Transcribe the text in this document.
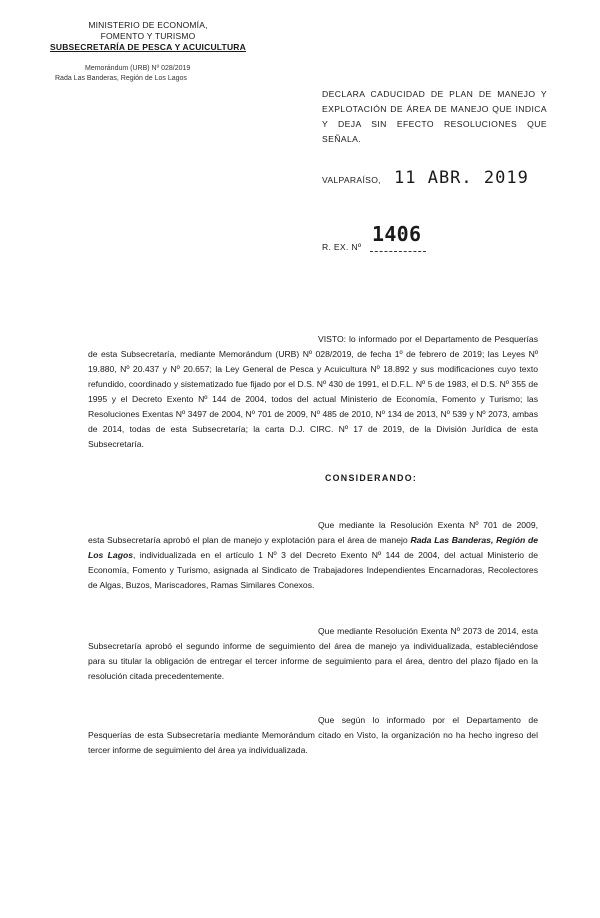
MINISTERIO DE ECONOMÍA,
FOMENTO Y TURISMO
SUBSECRETARÍA DE PESCA Y ACUICULTURA
Memorándum (URB) Nº 028/2019
Rada Las Banderas, Región de Los Lagos
DECLARA CADUCIDAD DE PLAN DE MANEJO Y EXPLOTACIÓN DE ÁREA DE MANEJO QUE INDICA Y DEJA SIN EFECTO RESOLUCIONES QUE SEÑALA.
VALPARAÍSO, 11 ABR. 2019
R. EX. Nº
1406
VISTO: lo informado por el Departamento de Pesquerías de esta Subsecretaría, mediante Memorándum (URB) Nº 028/2019, de fecha 1º de febrero de 2019; las Leyes Nº 19.880, Nº 20.437 y Nº 20.657; la Ley General de Pesca y Acuicultura Nº 18.892 y sus modificaciones cuyo texto refundido, coordinado y sistematizado fue fijado por el D.S. Nº 430 de 1991, el D.F.L. Nº 5 de 1983, el D.S. Nº 355 de 1995 y el Decreto Exento Nº 144 de 2004, todos del actual Ministerio de Economía, Fomento y Turismo; las Resoluciones Exentas Nº 3497 de 2004, Nº 701 de 2009, Nº 485 de 2010, Nº 134 de 2013, Nº 539 y Nº 2073, ambas de 2014, todas de esta Subsecretaría; la carta D.J. CIRC. Nº 17 de 2019, de la División Jurídica de esta Subsecretaría.
CONSIDERANDO:
Que mediante la Resolución Exenta Nº 701 de 2009, esta Subsecretaría aprobó el plan de manejo y explotación para el área de manejo Rada Las Banderas, Región de Los Lagos, individualizada en el artículo 1 Nº 3 del Decreto Exento Nº 144 de 2004, del actual Ministerio de Economía, Fomento y Turismo, asignada al Sindicato de Trabajadores Independientes Encarnadoras, Recolectores de Algas, Buzos, Mariscadores, Ramas Similares Conexos.
Que mediante Resolución Exenta Nº 2073 de 2014, esta Subsecretaría aprobó el segundo informe de seguimiento del área de manejo ya individualizada, estableciéndose para su titular la obligación de entregar el tercer informe de seguimiento para el área, dentro del plazo fijado en la resolución citada precedentemente.
Que según lo informado por el Departamento de Pesquerías de esta Subsecretaría mediante Memorándum citado en Visto, la organización no ha hecho ingreso del tercer informe de seguimiento del área ya individualizada.
